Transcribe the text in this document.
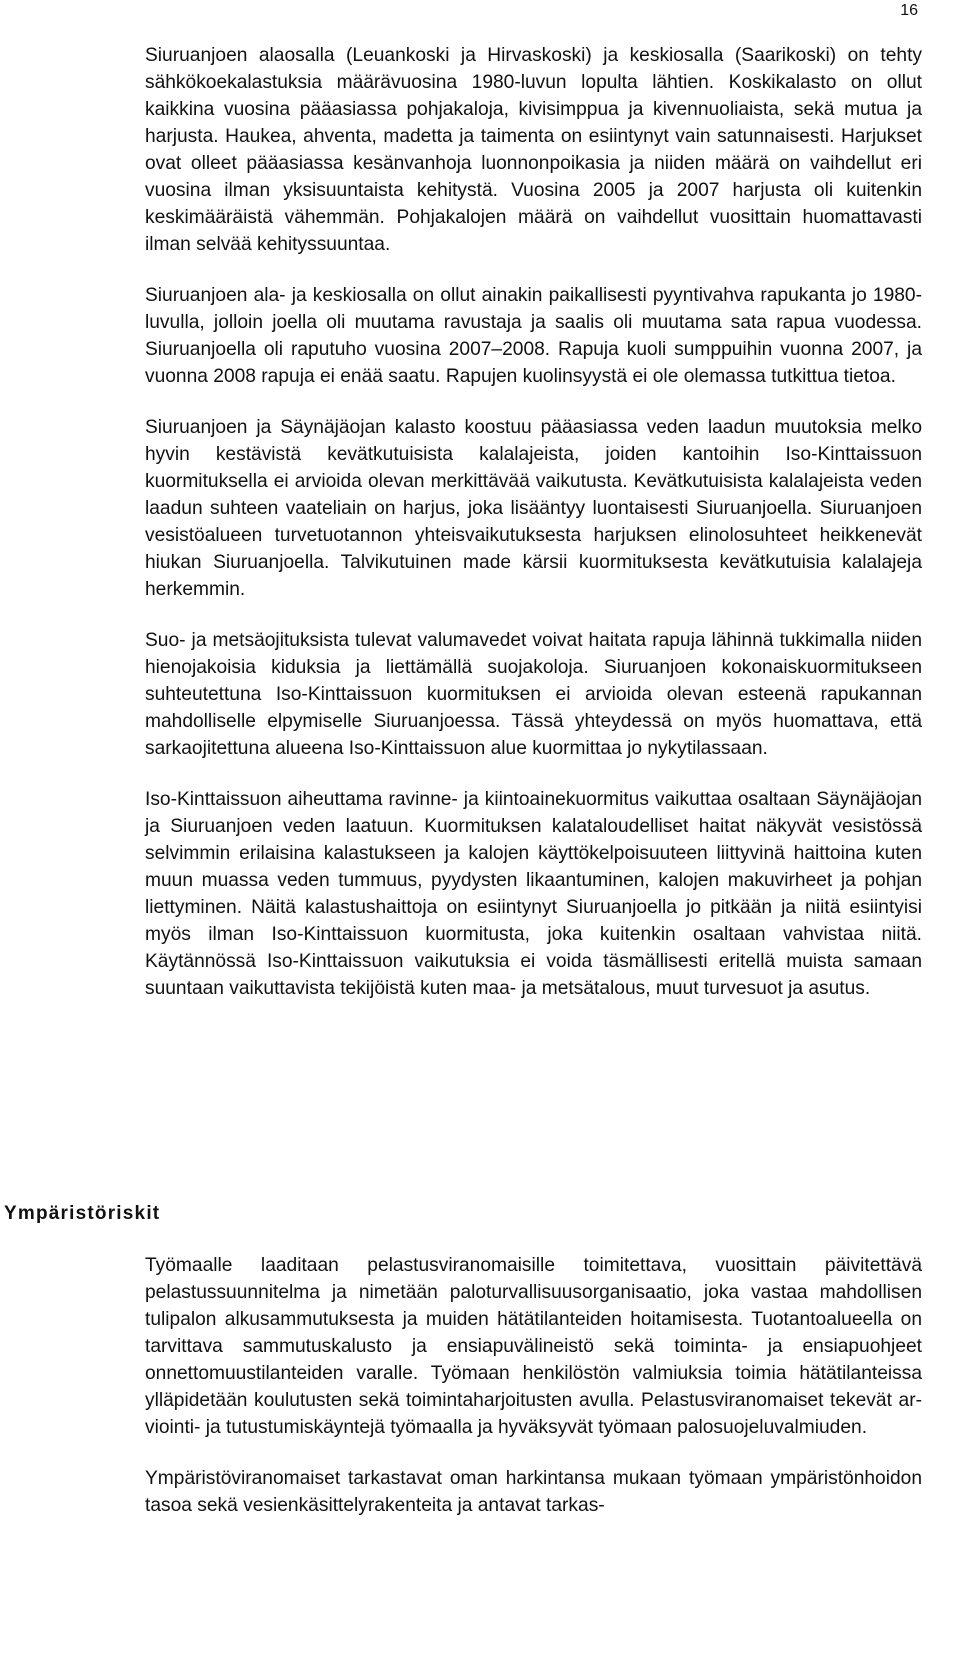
16

Siuruanjoen alaosalla (Leuankoski ja Hirvaskoski) ja keskiosalla (Saarikoski) on tehty sähkökoekalastuksia määrävuosina 1980-luvun lopulta lähtien. Koskikalasto on ollut kaikkina vuosina pääasiassa pohjakaloja, kivisimppua ja kivennuoliaista, sekä mutua ja harjusta. Haukea, ahventa, madetta ja taimenta on esiintynyt vain satunnaisesti. Harjukset ovat olleet pääasiassa kesänvanhoja luonnonpoikasia ja niiden määrä on vaihdellut eri vuosina ilman yksisuuntaista kehitystä. Vuosina 2005 ja 2007 harjusta oli kuitenkin keskimääräistä vähemmän. Pohjakalojen määrä on vaihdellut vuosittain huomattavasti ilman selvää kehityssuuntaa.

Siuruanjoen ala- ja keskiosalla on ollut ainakin paikallisesti pyyntivahva rapukanta jo 1980-luvulla, jolloin joella oli muutama ravustaja ja saalis oli muutama sata rapua vuodessa. Siuruanjoella oli raputuho vuosina 2007–2008. Rapuja kuoli sumppuihin vuonna 2007, ja vuonna 2008 rapuja ei enää saatu. Rapujen kuolinsyystä ei ole olemassa tutkittua tietoa.

Siuruanjoen ja Säynäjäojan kalasto koostuu pääasiassa veden laadun muutoksia melko hyvin kestävistä kevätkutuisista kalalajeista, joiden kantoihin Iso-Kinttaissuon kuormituksella ei arvioida olevan merkittävää vaikutusta. Kevätkutuisista kalalajeista veden laadun suhteen vaateliain on harjus, joka lisääntyy luontaisesti Siuruanjoella. Siuruanjoen vesistöalueen turvetuotannon yhteisvaikutuksesta harjuksen elinolosuhteet heikkenevät hiukan Siuruanjoella. Talvikutuinen made kärsii kuormituksesta kevätkutuisia kalalajeja herkemmin.

Suo- ja metsäojituksista tulevat valumavedet voivat haitata rapuja lähinnä tukkimalla niiden hienojakoisia kiduksia ja liettämällä suojakoloja. Siuruanjoen kokonaiskuormitukseen suhteutettuna Iso-Kinttaissuon kuormituksen ei arvioida olevan esteenä rapukannan mahdolliselle elpymiselle Siuruanjoessa. Tässä yhteydessä on myös huomattava, että sarkaojitettuna alueena Iso-Kinttaissuon alue kuormittaa jo nykytilassaan.

Iso-Kinttaissuon aiheuttama ravinne- ja kiintoainekuormitus vaikuttaa osaltaan Säynäjäojan ja Siuruanjoen veden laatuun. Kuormituksen kalataloudelliset haitat näkyvät vesistössä selvimmin erilaisina kalastukseen ja kalojen käyttökelpoisuuteen liittyvinä haittoina kuten muun muassa veden tummuus, pyydysten likaantuminen, kalojen makuvirheet ja pohjan liettyminen. Näitä kalastushaittoja on esiintynyt Siuruanjoella jo pitkään ja niitä esiintyisi myös ilman Iso-Kinttaissuon kuormitusta, joka kuitenkin osaltaan vahvistaa niitä. Käytännössä Iso-Kinttaissuon vaikutuksia ei voida täsmällisesti eritellä muista samaan suuntaan vaikuttavista tekijöistä kuten maa- ja metsätalous, muut turvesuot ja asutus.

Ympäristöriskit

Työmaalle laaditaan pelastusviranomaisille toimitettava, vuosittain päivitettävä pelastussuunnitelma ja nimetään paloturvallisuusorganisaatio, joka vastaa mahdollisen tulipalon alkusammutuksesta ja muiden hätätilanteiden hoitamisesta. Tuotantoalueella on tarvittava sammutuskalusto ja ensiapuvälineistö sekä toiminta- ja ensiapuohjeet onnettomuustilanteiden varalle. Työmaan henkilöstön valmiuksia toimia hätätilanteissa ylläpidetään koulutusten sekä toimintaharjoitusten avulla. Pelastusviranomaiset tekevät arviointi- ja tutustumiskäyntejä työmaalla ja hyväksyvät työmaan palosuojeluvalmiuden.

Ympäristöviranomaiset tarkastavat oman harkintansa mukaan työmaan ympäristönhoidon tasoa sekä vesienkäsittelyrakenteita ja antavat tarkas-
